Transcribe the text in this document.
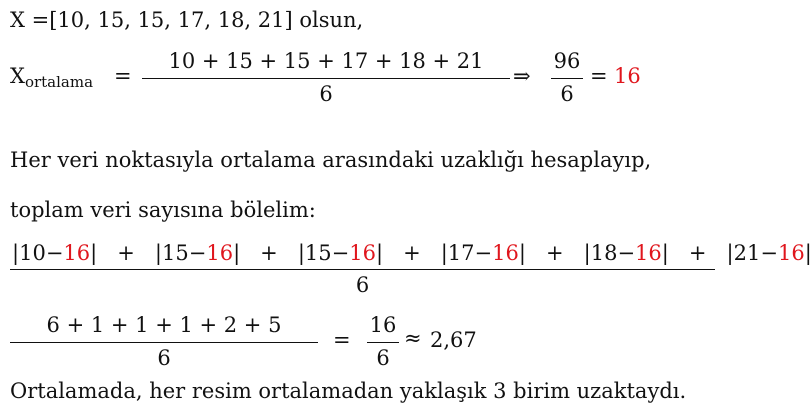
X =[10, 15, 15, 17, 18, 21] olsun,
$X_{ortalama}$ =
10 + 15 + 15 + 17 + 18 + 21
6
⇒
96
6
= 16
Her veri noktasıyla ortalama arasındaki uzaklığı hesaplayıp,
toplam veri sayısına bölelim:
|10−16| + |15−16| + |15−16| + |17−16| + |18−16| + |21−16|
6
6 + 1 + 1 + 1 + 2 + 5
6
=
16
6
≈ 2,67
Ortalamada, her resim ortalamadan yaklaşık 3 birim uzaktaydı.
